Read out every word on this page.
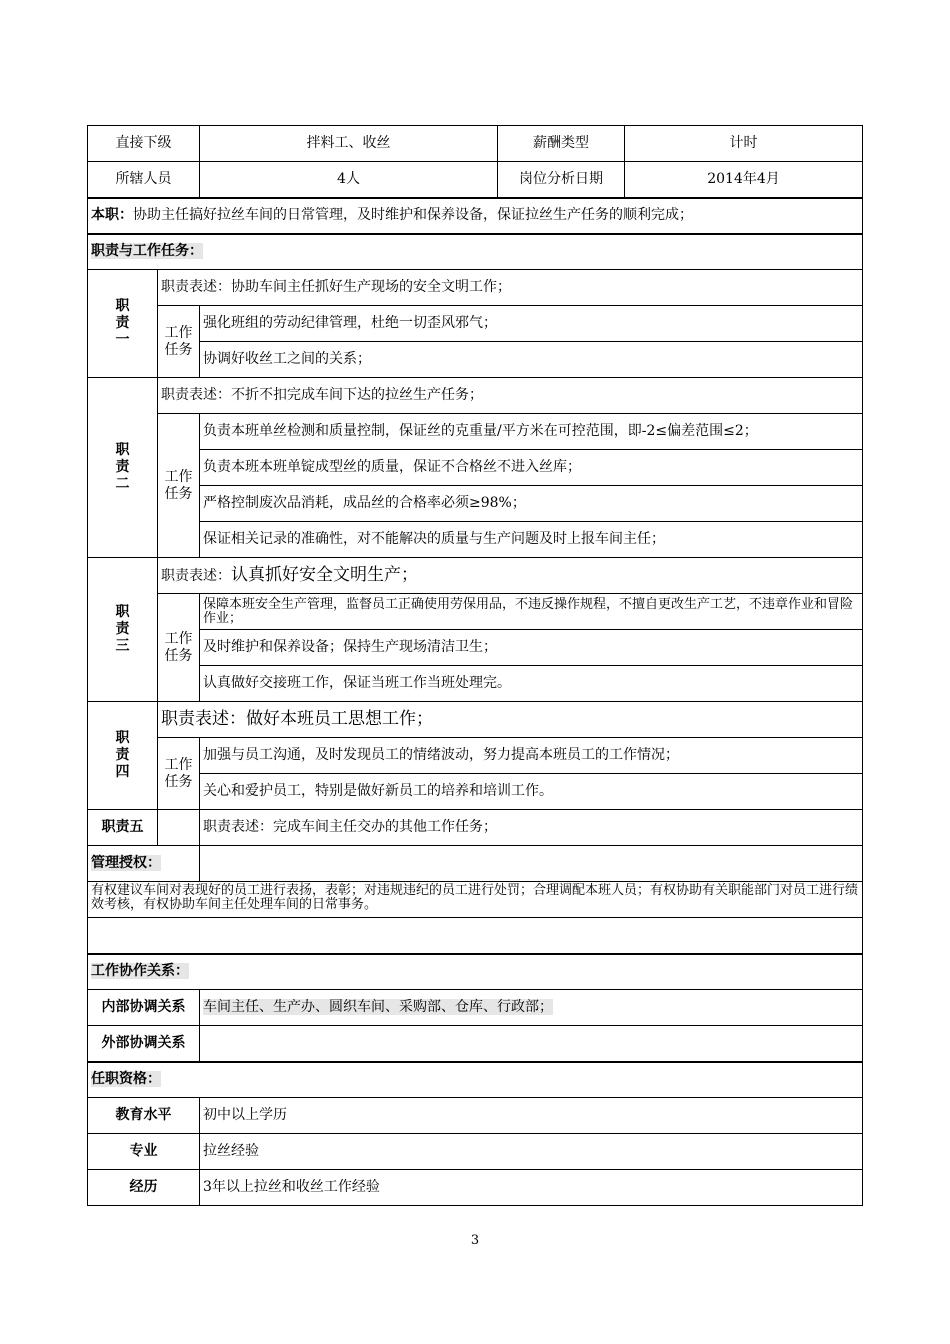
直接下级		拌料工、收丝	薪酬类型	计时
所辖人员		4人	岗位分析日期	2014年4月
本职：协助主任搞好拉丝车间的日常管理，及时维护和保养设备，保证拉丝生产任务的顺利完成；				
职责与工作任务：				

职责一	职责表述：协助车间主任抓好生产现场的安全文明工作；			

	工作任务	强化班组的劳动纪律管理，杜绝一切歪风邪气；		
		协调好收丝工之间的关系；		

职责二	职责表述：不折不扣完成车间下达的拉丝生产任务；			

	工作任务	负责本班单丝检测和质量控制，保证丝的克重量/平方米在可控范围，即-2≤偏差范围≤2；		
		负责本班本班单锭成型丝的质量，保证不合格丝不进入丝库；		
		严格控制废次品消耗，成品丝的合格率必须≥98%；		
		保证相关记录的准确性，对不能解决的质量与生产问题及时上报车间主任；		

职责三	职责表述：认真抓好安全文明生产；			

	工作任务	保障本班安全生产管理，监督员工正确使用劳保用品，不违反操作规程，不擅自更改生产工艺，不违章作业和冒险作业；		
		及时维护和保养设备；保持生产现场清洁卫生；		
		认真做好交接班工作，保证当班工作当班处理完。		

职责四	职责表述：做好本班员工思想工作；			

	工作任务	加强与员工沟通，及时发现员工的情绪波动，努力提高本班员工的工作情况；		
		关心和爱护员工，特别是做好新员工的培养和培训工作。		
职责五		职责表述：完成车间主任交办的其他工作任务；		
管理授权：				
有权建议车间对表现好的员工进行表扬，表彰；对违规违纪的员工进行处罚；合理调配本班人员；有权协助有关职能部门对员工进行绩效考核，有权协助车间主任处理车间的日常事务。				

工作协作关系：				
内部协调关系		车间主任、生产办、圆织车间、采购部、仓库、行政部；		
外部协调关系				
任职资格：				
教育水平		初中以上学历		
专业		拉丝经验		
经历		3年以上拉丝和收丝工作经验		
3
